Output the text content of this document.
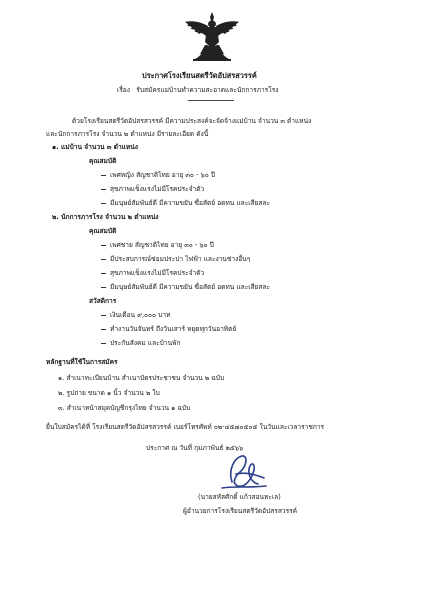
ประกาศโรงเรียนสตรีวัดอัปสรสวรรค์
เรื่อง รับสมัครแม่บ้านทำความสะอาดและนักการภารโรง
ด้วยโรงเรียนสตรีวัดอัปสรสวรรค์ มีความประสงค์จะจัดจ้างแม่บ้าน จำนวน ๓ ตำแหน่ง
และนักการภารโรง จำนวน ๒ ตำแหน่ง มีรายละเอียด ดังนี้
๑. แม่บ้าน จำนวน ๓ ตำแหน่ง
คุณสมบัติ
เพศหญิง สัญชาติไทย อายุ ๓๐ - ๖๐ ปี
สุขภาพแข็งแรงไม่มีโรคประจำตัว
มีมนุษย์สัมพันธ์ดี มีความขยัน ซื่อสัตย์ อดทน และเสียสละ
๒. นักการภารโรง จำนวน ๒ ตำแหน่ง
คุณสมบัติ
เพศชาย สัญชาติไทย อายุ ๓๐ - ๖๐ ปี
มีประสบการณ์ซ่อมประปา ไฟฟ้า และงานช่างอื่นๆ
สุขภาพแข็งแรงไม่มีโรคประจำตัว
มีมนุษย์สัมพันธ์ดี มีความขยัน ซื่อสัตย์ อดทน และเสียสละ
สวัสดิการ
เงินเดือน ๙,๐๐๐ บาท
ทำงานวันจันทร์ ถึงวันเสาร์ หยุดทุกวันอาทิตย์
ประกันสังคม และบ้านพัก
หลักฐานที่ใช้ในการสมัคร
๑. สำเนาทะเบียนบ้าน สำเนาบัตรประชาชน จำนวน ๒ ฉบับ
๒. รูปถ่าย ขนาด ๑ นิ้ว จำนวน ๒ ใบ
๓. สำเนาหน้าสมุดบัญชีกรุงไทย จำนวน ๑ ฉบับ
ยื่นใบสมัครได้ที่ โรงเรียนสตรีวัดอัปสรสวรรค์ เบอร์โทรศัพท์ ๐๒-๔๕๗๐๕๐๕ ในวันและเวลาราชการ
ประกาศ ณ วันที่ กุมภาพันธ์ ๒๕๖๖
(นายสหัสศักดิ์ แก้วสอนทะเล)
ผู้อำนวยการโรงเรียนสตรีวัดอัปสรสวรรค์
